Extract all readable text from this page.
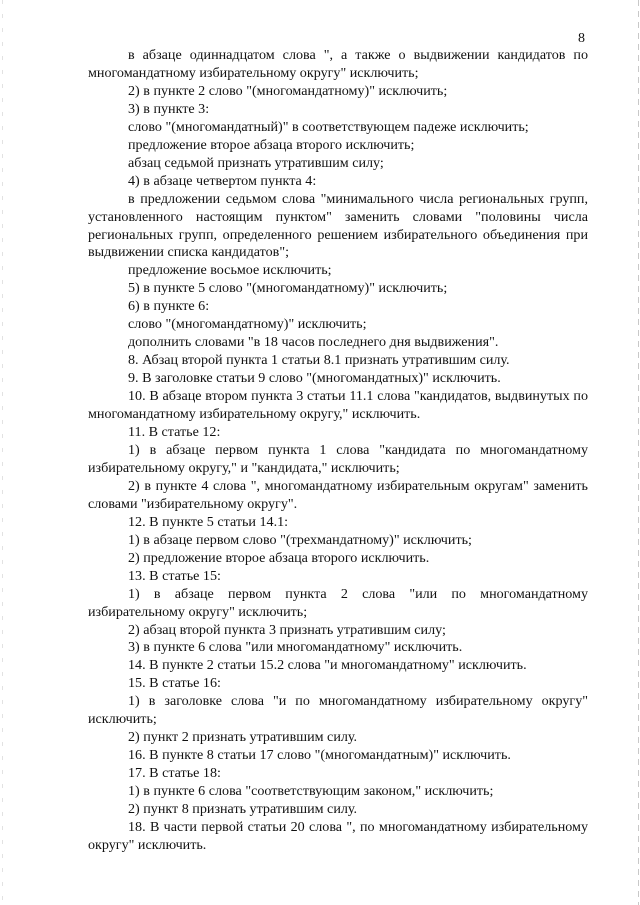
8

в абзаце одиннадцатом слова ", а также о выдвижении кандидатов по многомандатному избирательному округу" исключить;

2) в пункте 2 слово "(многомандатному)" исключить;

3) в пункте 3:

слово "(многомандатный)" в соответствующем падеже исключить;

предложение второе абзаца второго исключить;

абзац седьмой признать утратившим силу;

4) в абзаце четвертом пункта 4:

в предложении седьмом слова "минимального числа региональных групп, установленного настоящим пунктом" заменить словами "половины числа региональных групп, определенного решением избирательного объединения при выдвижении списка кандидатов";

предложение восьмое исключить;

5) в пункте 5 слово "(многомандатному)" исключить;

6) в пункте 6:

слово "(многомандатному)" исключить;

дополнить словами "в 18 часов последнего дня выдвижения".

8. Абзац второй пункта 1 статьи 8.1 признать утратившим силу.

9. В заголовке статьи 9 слово "(многомандатных)" исключить.

10. В абзаце втором пункта 3 статьи 11.1 слова "кандидатов, выдвинутых по многомандатному избирательному округу," исключить.

11. В статье 12:

1) в абзаце первом пункта 1 слова "кандидата по многомандатному избирательному округу," и "кандидата," исключить;

2) в пункте 4 слова ", многомандатному избирательным округам" заменить словами "избирательному округу".

12. В пункте 5 статьи 14.1:

1) в абзаце первом слово "(трехмандатному)" исключить;

2) предложение второе абзаца второго исключить.

13. В статье 15:

1) в абзаце первом пункта 2 слова "или по многомандатному избирательному округу" исключить;

2) абзац второй пункта 3 признать утратившим силу;

3) в пункте 6 слова "или многомандатному" исключить.

14. В пункте 2 статьи 15.2 слова "и многомандатному" исключить.

15. В статье 16:

1) в заголовке слова "и по многомандатному избирательному округу" исключить;

2) пункт 2 признать утратившим силу.

16. В пункте 8 статьи 17 слово "(многомандатным)" исключить.

17. В статье 18:

1) в пункте 6 слова "соответствующим законом," исключить;

2) пункт 8 признать утратившим силу.

18. В части первой статьи 20 слова ", по многомандатному избирательному округу" исключить.
